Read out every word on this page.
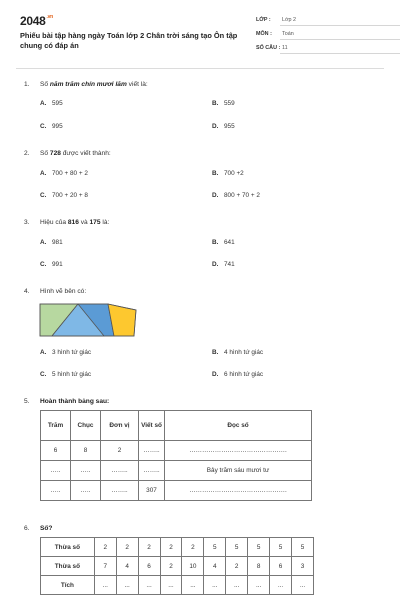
$2048^{.vn}$
Phiếu bài tập hàng ngày Toán lớp 2 Chân trời sáng tạo Ôn tập chung có đáp án
LỚP : Lớp 2
MÔN : Toán
SỐ CÂU : 11
1. Số năm trăm chín mươi lăm viết là:
A. 595	B. 559
C. 995	D. 955
2. Số 728 được viết thành:
A. 700 + 80 + 2	B. 700 +2
C. 700 + 20 + 8	D. 800 + 70 + 2
3. Hiệu của 816 và 175 là:
A. 981	B. 641
C. 991	D. 741
4. Hình vẽ bên có:
A. 3 hình tứ giác	B. 4 hình tứ giác
C. 5 hình tứ giác	D. 6 hình tứ giác
5. Hoàn thành bảng sau:
Trăm	Chục	Đơn vị	Viết số	Đọc số
6	8	2	……..	……………………………………….
…..	…..	……..	……..	Bảy trăm sáu mươi tư
…..	…..	……..	307	……………………………………….
6. Số?
Thừa số	2	2	2	2	2	5	5	5	5	5
Thừa số	7	4	6	2	10	4	2	8	6	3
Tích	...	...	...	...	...	...	...	...	...	...
